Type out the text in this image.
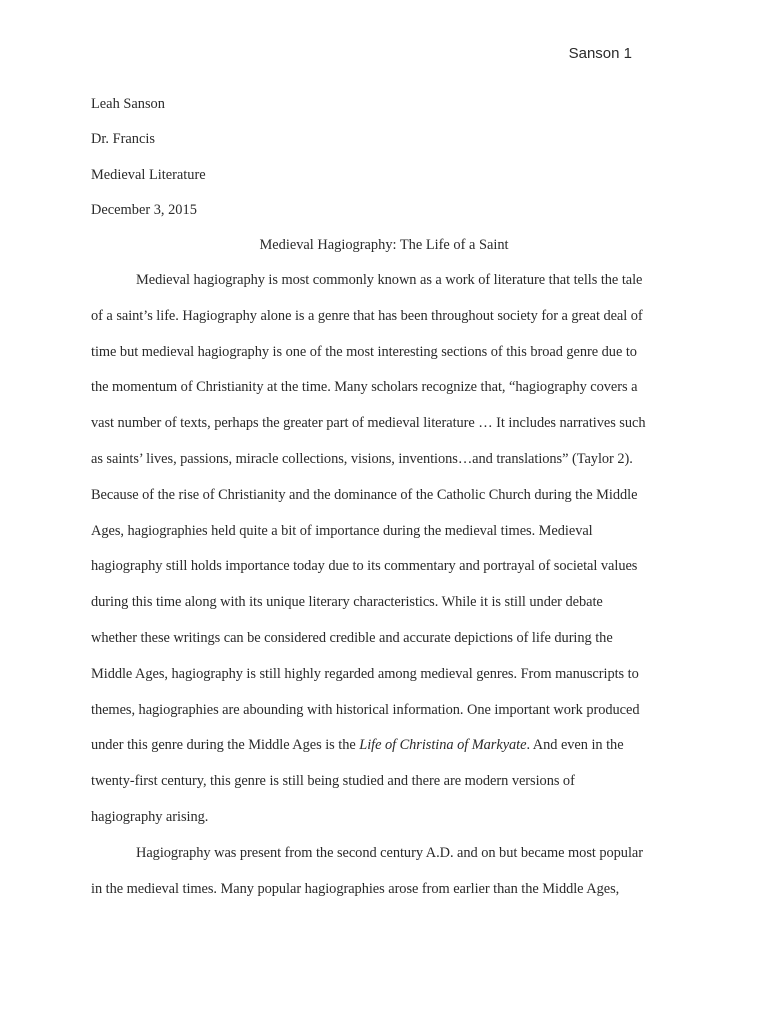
Sanson 1
Leah Sanson
Dr. Francis
Medieval Literature
December 3, 2015
Medieval Hagiography: The Life of a Saint
Medieval hagiography is most commonly known as a work of literature that tells the tale
of a saint’s life. Hagiography alone is a genre that has been throughout society for a great deal of
time but medieval hagiography is one of the most interesting sections of this broad genre due to
the momentum of Christianity at the time. Many scholars recognize that, “hagiography covers a
vast number of texts, perhaps the greater part of medieval literature … It includes narratives such
as saints’ lives, passions, miracle collections, visions, inventions…and translations” (Taylor 2).
Because of the rise of Christianity and the dominance of the Catholic Church during the Middle
Ages, hagiographies held quite a bit of importance during the medieval times. Medieval
hagiography still holds importance today due to its commentary and portrayal of societal values
during this time along with its unique literary characteristics. While it is still under debate
whether these writings can be considered credible and accurate depictions of life during the
Middle Ages, hagiography is still highly regarded among medieval genres. From manuscripts to
themes, hagiographies are abounding with historical information. One important work produced
under this genre during the Middle Ages is the Life of Christina of Markyate. And even in the
twenty-first century, this genre is still being studied and there are modern versions of
hagiography arising.
Hagiography was present from the second century A.D. and on but became most popular
in the medieval times. Many popular hagiographies arose from earlier than the Middle Ages,
